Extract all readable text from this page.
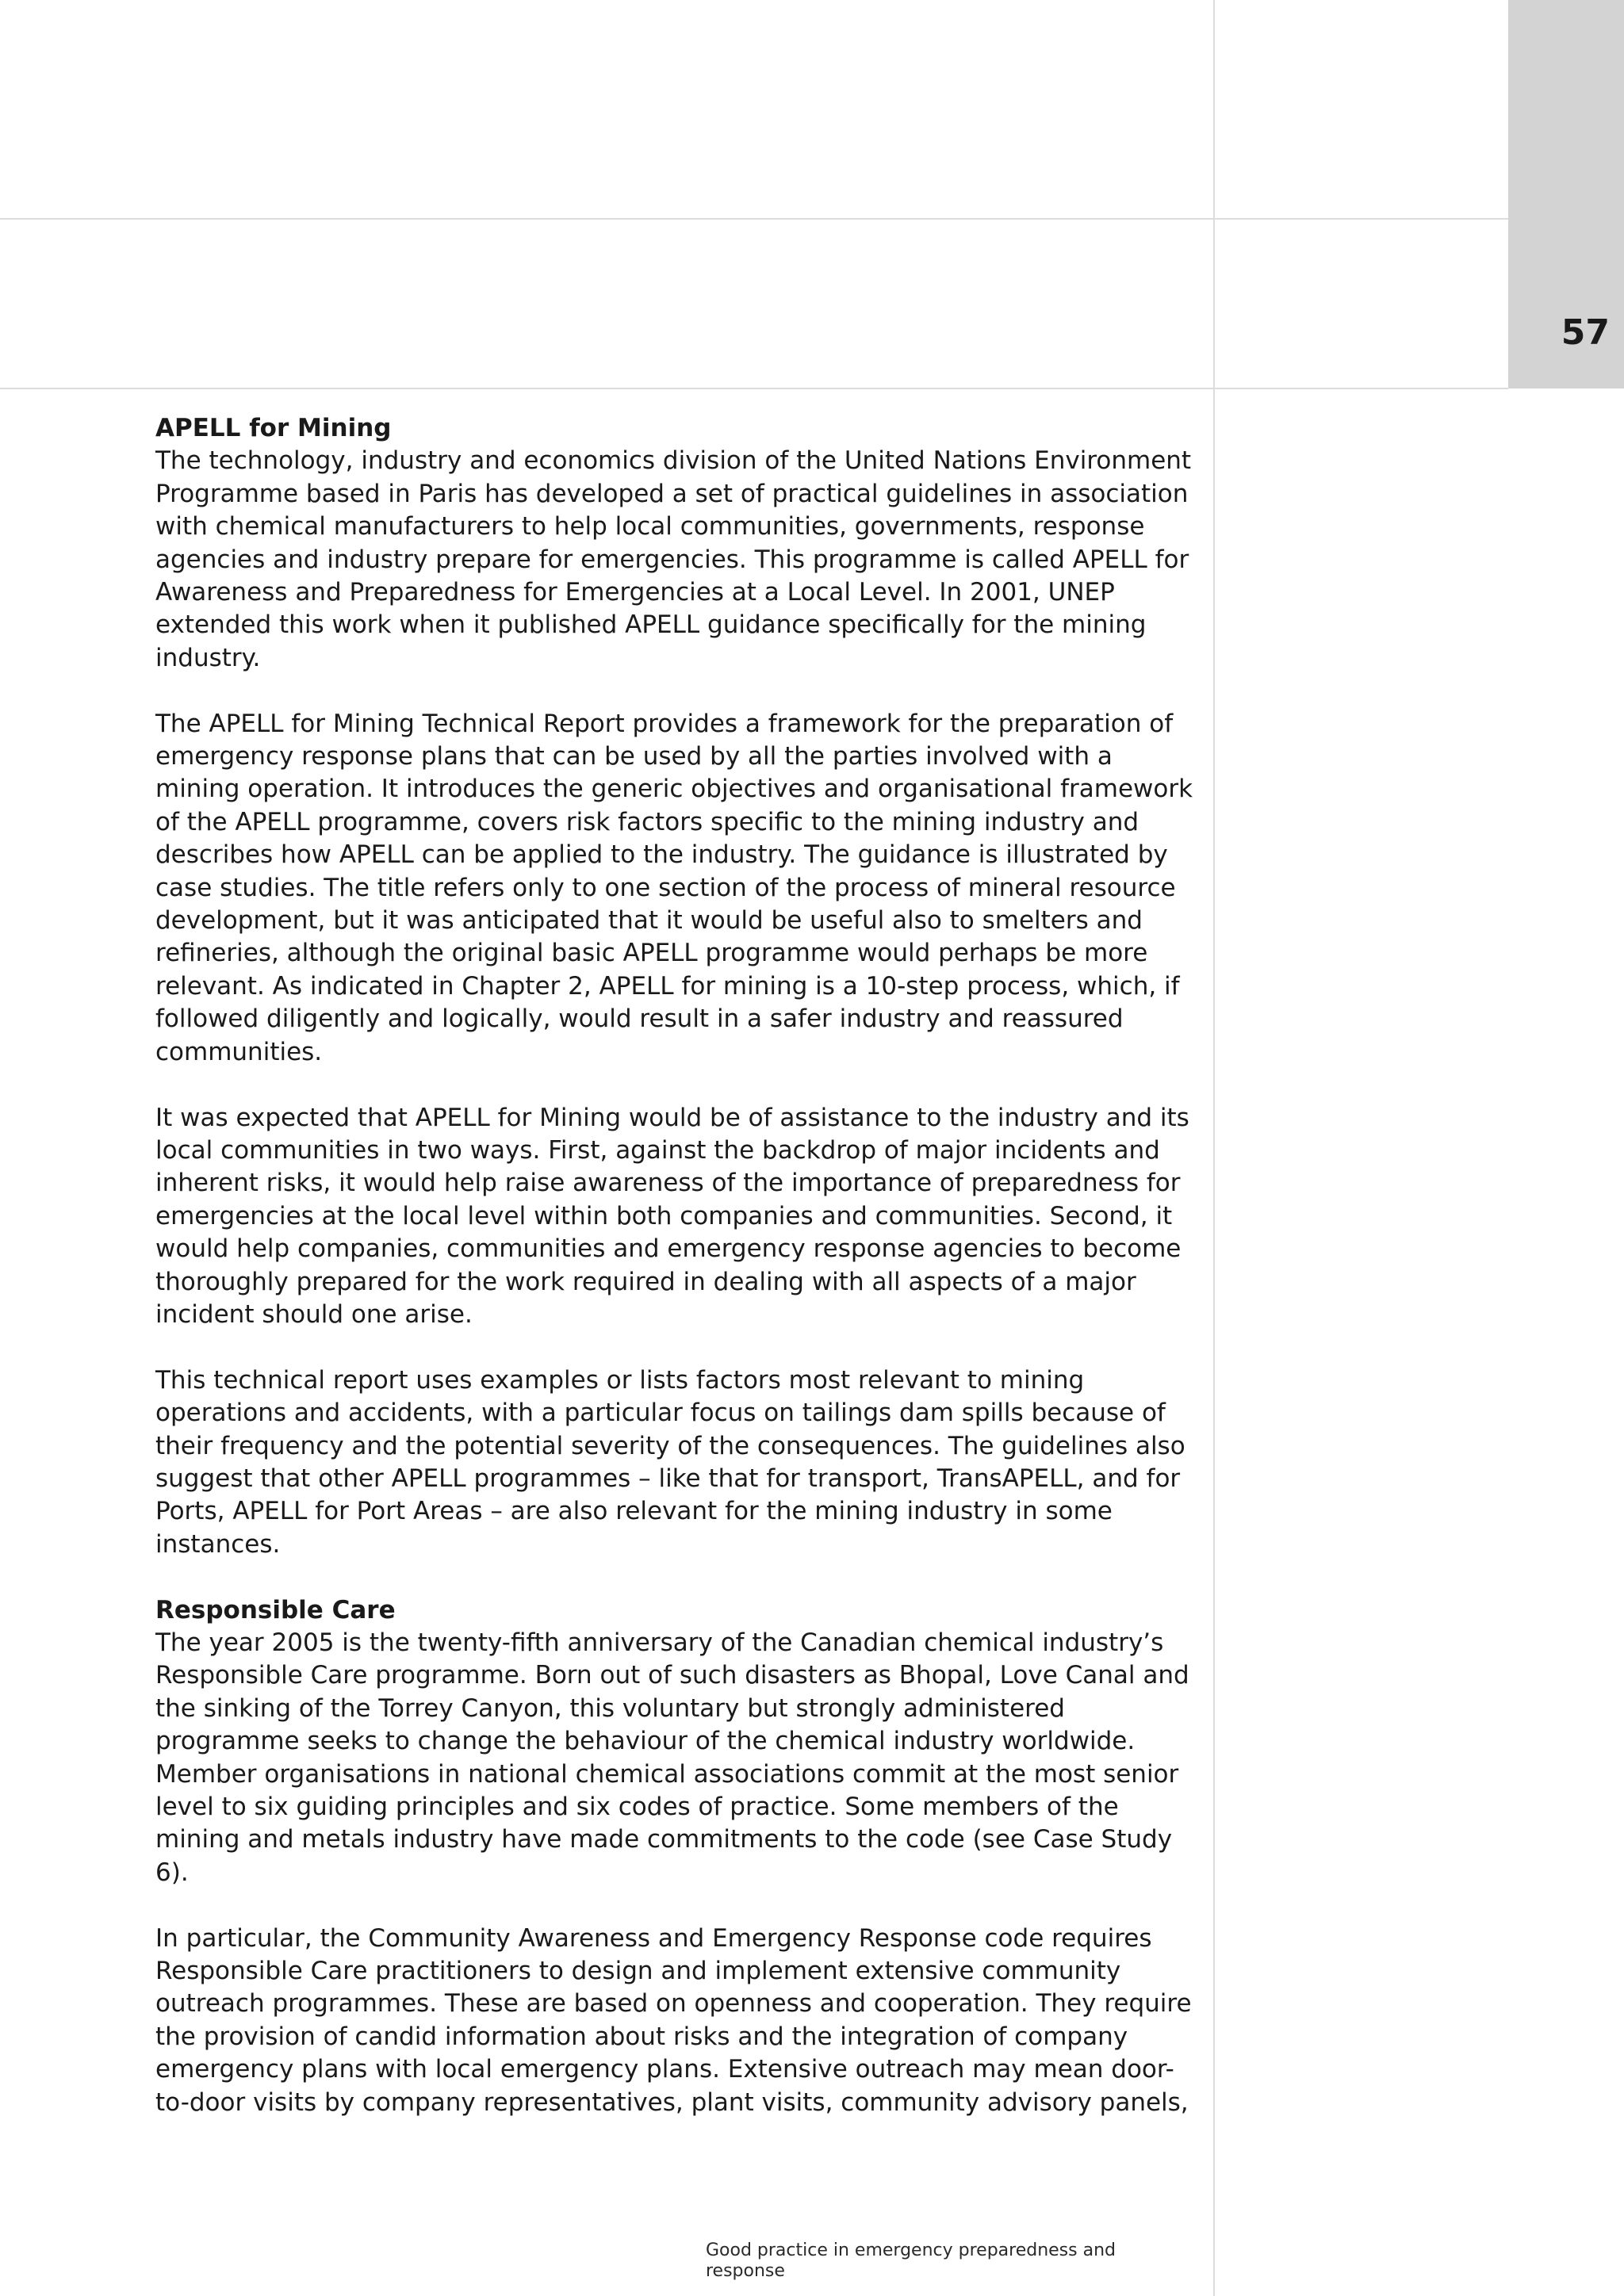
57
APELL for Mining

The technology, industry and economics division of the United Nations Environment Programme based in Paris has developed a set of practical guidelines in association with chemical manufacturers to help local communities, governments, response agencies and industry prepare for emergencies. This programme is called APELL for Awareness and Preparedness for Emergencies at a Local Level. In 2001, UNEP extended this work when it published APELL guidance specifically for the mining industry.

The APELL for Mining Technical Report provides a framework for the preparation of emergency response plans that can be used by all the parties involved with a mining operation. It introduces the generic objectives and organisational framework of the APELL programme, covers risk factors specific to the mining industry and describes how APELL can be applied to the industry. The guidance is illustrated by case studies. The title refers only to one section of the process of mineral resource development, but it was anticipated that it would be useful also to smelters and refineries, although the original basic APELL programme would perhaps be more relevant. As indicated in Chapter 2, APELL for mining is a 10-step process, which, if followed diligently and logically, would result in a safer industry and reassured communities.

It was expected that APELL for Mining would be of assistance to the industry and its local communities in two ways. First, against the backdrop of major incidents and inherent risks, it would help raise awareness of the importance of preparedness for emergencies at the local level within both companies and communities. Second, it would help companies, communities and emergency response agencies to become thoroughly prepared for the work required in dealing with all aspects of a major incident should one arise.

This technical report uses examples or lists factors most relevant to mining operations and accidents, with a particular focus on tailings dam spills because of their frequency and the potential severity of the consequences. The guidelines also suggest that other APELL programmes – like that for transport, TransAPELL, and for Ports, APELL for Port Areas – are also relevant for the mining industry in some instances.

Responsible Care

The year 2005 is the twenty-fifth anniversary of the Canadian chemical industry’s Responsible Care programme. Born out of such disasters as Bhopal, Love Canal and the sinking of the Torrey Canyon, this voluntary but strongly administered programme seeks to change the behaviour of the chemical industry worldwide. Member organisations in national chemical associations commit at the most senior level to six guiding principles and six codes of practice. Some members of the mining and metals industry have made commitments to the code (see Case Study 6).

In particular, the Community Awareness and Emergency Response code requires Responsible Care practitioners to design and implement extensive community outreach programmes. These are based on openness and cooperation. They require the provision of candid information about risks and the integration of company emergency plans with local emergency plans. Extensive outreach may mean door-to-door visits by company representatives, plant visits, community advisory panels,

Good practice in emergency preparedness and response
